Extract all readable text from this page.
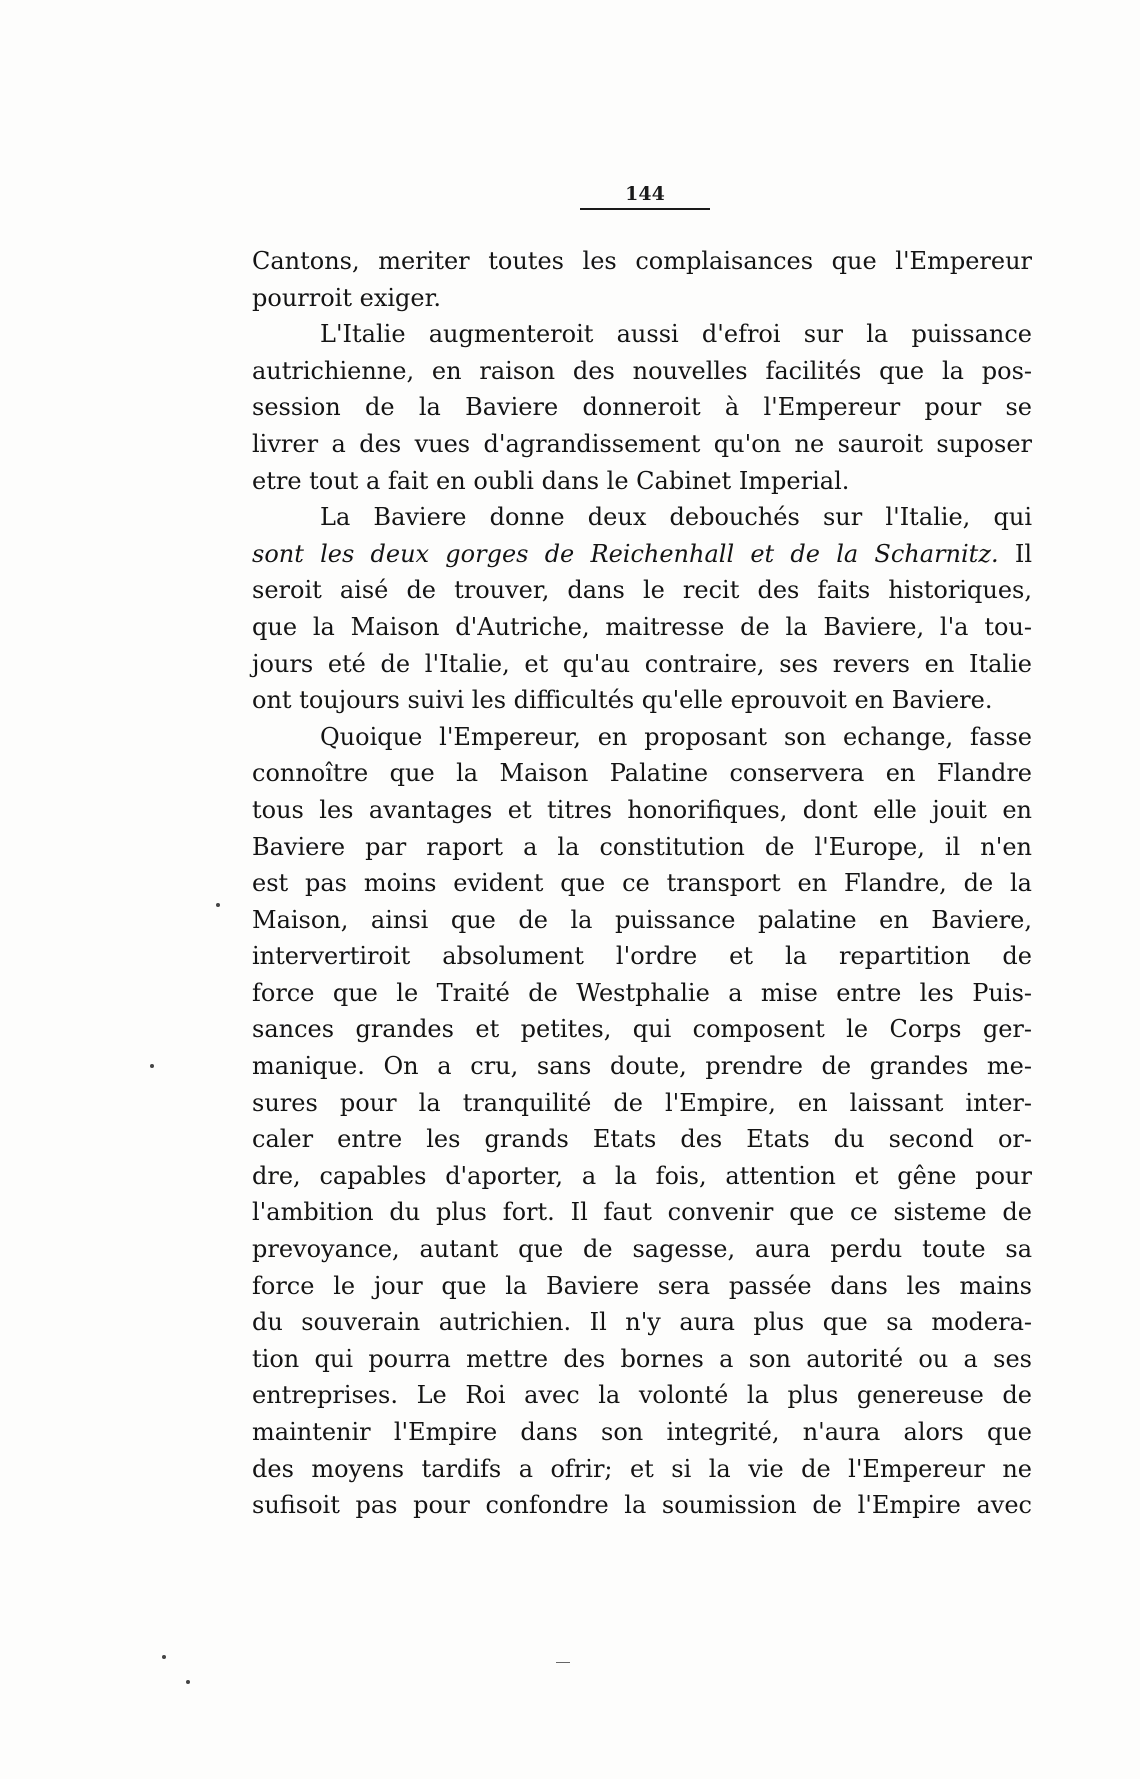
144
Cantons, meriter toutes les complaisances que l'Empereur
pourroit exiger.
L'Italie augmenteroit aussi d'efroi sur la puissance
autrichienne, en raison des nouvelles facilités que la pos-
session de la Baviere donneroit à l'Empereur pour se
livrer a des vues d'agrandissement qu'on ne sauroit suposer
etre tout a fait en oubli dans le Cabinet Imperial.
La Baviere donne deux debouchés sur l'Italie, qui
sont les deux gorges de Reichenhall et de la Scharnitz. Il
seroit aisé de trouver, dans le recit des faits historiques,
que la Maison d'Autriche, maitresse de la Baviere, l'a tou-
jours eté de l'Italie, et qu'au contraire, ses revers en Italie
ont toujours suivi les difficultés qu'elle eprouvoit en Baviere.
Quoique l'Empereur, en proposant son echange, fasse
connoître que la Maison Palatine conservera en Flandre
tous les avantages et titres honorifiques, dont elle jouit en
Baviere par raport a la constitution de l'Europe, il n'en
est pas moins evident que ce transport en Flandre, de la
Maison, ainsi que de la puissance palatine en Baviere,
intervertiroit absolument l'ordre et la repartition de
force que le Traité de Westphalie a mise entre les Puis-
sances grandes et petites, qui composent le Corps ger-
manique. On a cru, sans doute, prendre de grandes me-
sures pour la tranquilité de l'Empire, en laissant inter-
caler entre les grands Etats des Etats du second or-
dre, capables d'aporter, a la fois, attention et gêne pour
l'ambition du plus fort. Il faut convenir que ce sisteme de
prevoyance, autant que de sagesse, aura perdu toute sa
force le jour que la Baviere sera passée dans les mains
du souverain autrichien. Il n'y aura plus que sa modera-
tion qui pourra mettre des bornes a son autorité ou a ses
entreprises. Le Roi avec la volonté la plus genereuse de
maintenir l'Empire dans son integrité, n'aura alors que
des moyens tardifs a ofrir; et si la vie de l'Empereur ne
sufisoit pas pour confondre la soumission de l'Empire avec
